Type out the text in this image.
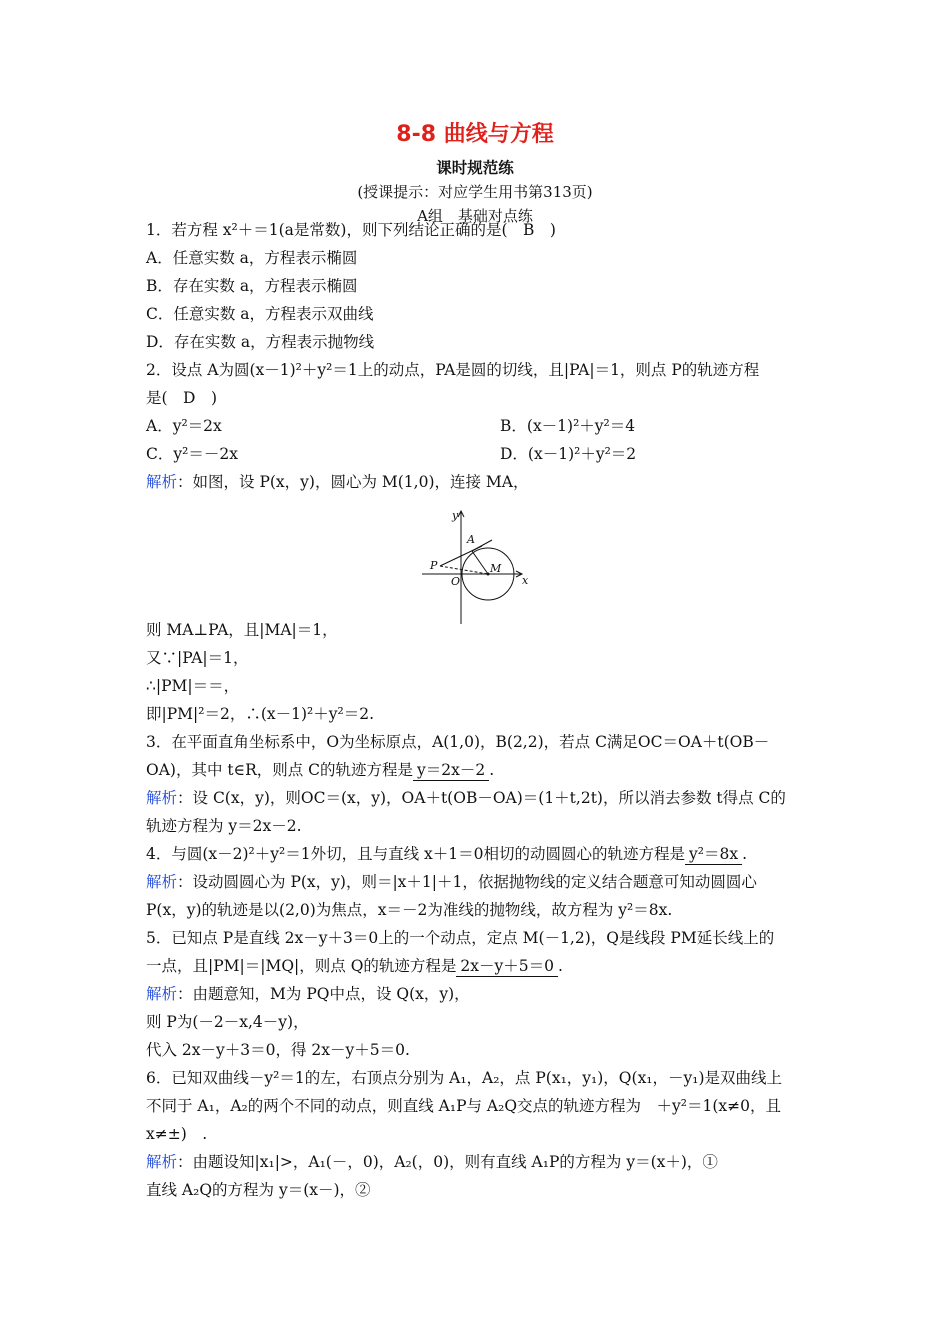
8-8 曲线与方程
课时规范练
(授课提示：对应学生用书第313页)
A组　基础对点练
1．若方程 x²＋＝1(a是常数)，则下列结论正确的是(　B　)
A．任意实数 a，方程表示椭圆
B．存在实数 a，方程表示椭圆
C．任意实数 a，方程表示双曲线
D．存在实数 a，方程表示抛物线
2．设点 A为圆(x－1)²＋y²＝1上的动点，PA是圆的切线，且|PA|＝1，则点 P的轨迹方程
是(　D　)
A．y²＝2x	B．(x－1)²＋y²＝4
C．y²＝－2x	D．(x－1)²＋y²＝2
解析：如图，设 P(x，y)，圆心为 M(1,0)，连接 MA，
则 MA⊥PA，且|MA|＝1，
又∵|PA|＝1，
∴|PM|＝＝，
即|PM|²＝2，∴(x－1)²＋y²＝2.
3．在平面直角坐标系中，O为坐标原点，A(1,0)，B(2,2)，若点 C满足OC＝OA＋t(OB－
OA)，其中 t∈R，则点 C的轨迹方程是y＝2x－2.
解析：设 C(x，y)，则OC＝(x，y)，OA＋t(OB－OA)＝(1＋t,2t)，所以消去参数 t得点 C的
轨迹方程为 y＝2x－2.
4．与圆(x－2)²＋y²＝1外切，且与直线 x＋1＝0相切的动圆圆心的轨迹方程是y²＝8x.
解析：设动圆圆心为 P(x，y)，则＝|x＋1|＋1，依据抛物线的定义结合题意可知动圆圆心
P(x，y)的轨迹是以(2,0)为焦点，x＝－2为准线的抛物线，故方程为 y²＝8x.
5．已知点 P是直线 2x－y＋3＝0上的一个动点，定点 M(－1,2)，Q是线段 PM延长线上的
一点，且|PM|＝|MQ|，则点 Q的轨迹方程是2x－y＋5＝0.
解析：由题意知，M为 PQ中点，设 Q(x，y)，
则 P为(－2－x,4－y)，
代入 2x－y＋3＝0，得 2x－y＋5＝0.
6．已知双曲线－y²＝1的左，右顶点分别为 A₁，A₂，点 P(x₁，y₁)，Q(x₁，－y₁)是双曲线上
不同于 A₁，A₂的两个不同的动点，则直线 A₁P与 A₂Q交点的轨迹方程为　＋y²＝1(x≠0，且
x≠±)　.
解析：由题设知|x₁|>，A₁(－，0)，A₂(，0)，则有直线 A₁P的方程为 y＝(x＋)，①
直线 A₂Q的方程为 y＝(x－)，②
y
x
A
P
O
M
